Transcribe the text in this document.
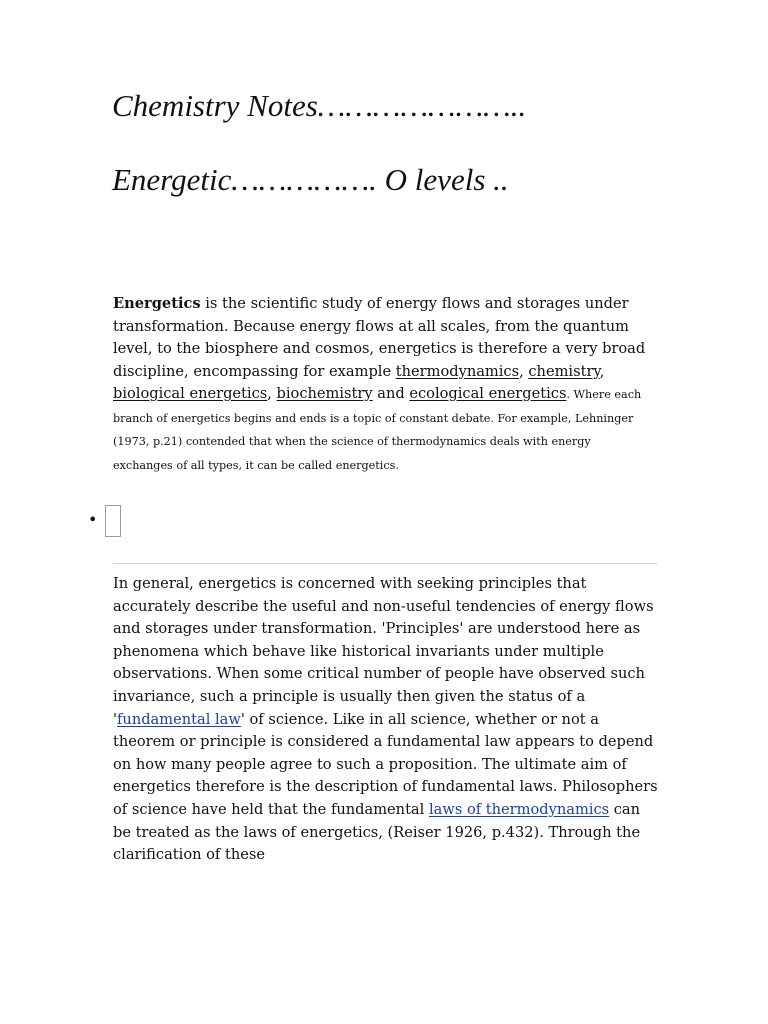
Chemistry Notes…………………..
Energetic……………. O levels ..

Energetics is the scientific study of energy flows and storages under transformation. Because energy flows at all scales, from the quantum level, to the biosphere and cosmos, energetics is therefore a very broad discipline, encompassing for example thermodynamics, chemistry, biological energetics, biochemistry and ecological energetics. Where each branch of energetics begins and ends is a topic of constant debate. For example, Lehninger (1973, p.21) contended that when the science of thermodynamics deals with energy exchanges of all types, it can be called energetics.

•

In general, energetics is concerned with seeking principles that accurately describe the useful and non-useful tendencies of energy flows and storages under transformation. 'Principles' are understood here as phenomena which behave like historical invariants under multiple observations. When some critical number of people have observed such invariance, such a principle is usually then given the status of a 'fundamental law' of science. Like in all science, whether or not a theorem or principle is considered a fundamental law appears to depend on how many people agree to such a proposition. The ultimate aim of energetics therefore is the description of fundamental laws. Philosophers of science have held that the fundamental laws of thermodynamics can be treated as the laws of energetics, (Reiser 1926, p.432). Through the clarification of these
